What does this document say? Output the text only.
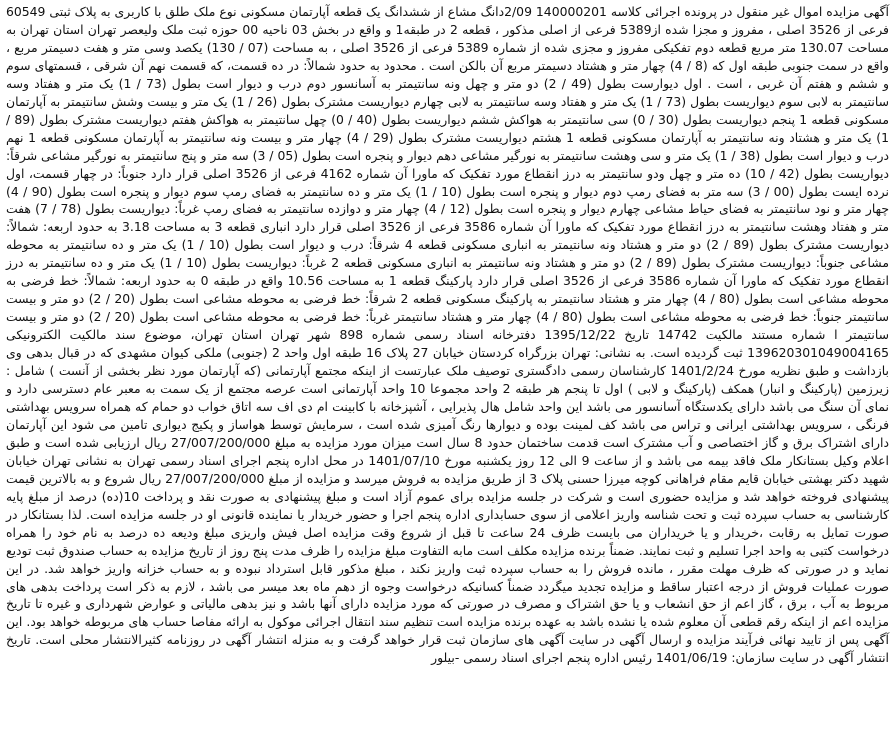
آگهی مزایده اموال غیر منقول در پرونده اجرائی کلاسه 140000201 2/09دانگ مشاع از ششدانگ یک قطعه آپارتمان مسکونی نوع ملک طلق با کاربری به پلاک ثبتی 60549 فرعی از 3526 اصلی ، مفروز و مجزا شده از5389 فرعی از اصلی مذکور ، قطعه 2 در طبقه1 و واقع در بخش 03 ناحیه 00 حوزه ثبت ملک ولیعصر تهران استان تهران به مساحت 130.07 متر مربع قطعه دوم تفکیکی مفروز و مجزی شده از شماره 5389 فرعی از 3526 اصلی ، به مساحت (07 / 130) یکصد وسی متر و هفت دسیمتر مربع ، واقع در سمت جنوبی طبقه اول که (8 / 4) چهار متر و هشتاد دسیمتر مربع آن بالکن است . محدود به حدود شمالاً: در ده قسمت، که قسمت نهم آن شرقی ، قسمتهای سوم و ششم و هفتم آن غربی ، است . اول دیوارست بطول (49 / 2) دو متر و چهل ونه سانتیمتر به آسانسور دوم درب و دیوار است بطول (73 / 1) یک متر و هفتاد وسه سانتیمتر به لابی سوم دیواریست بطول (73 / 1) یک متر و هفتاد وسه سانتیمتر به لابی چهارم دیواریست مشترک بطول (26 / 1) یک متر و بیست وشش سانتیمتر به آپارتمان مسکونی قطعه 1 پنجم دیواریست بطول (30 / 0) سی سانتیمتر به هواکش ششم دیواریست بطول (40 / 0) چهل سانتیمتر به هواکش هفتم دیواریست مشترک بطول (89 / 1) یک متر و هشتاد ونه سانتیمتر به آپارتمان مسکونی قطعه 1 هشتم دیواریست مشترک بطول (29 / 4) چهار متر و بیست ونه سانتیمتر به آپارتمان مسکونی قطعه 1 نهم درب و دیوار است بطول (38 / 1) یک متر و سی وهشت سانتیمتر به نورگیر مشاعی دهم دیوار و پنجره است بطول (05 / 3) سه متر و پنج سانتیمتر به نورگیر مشاعی شرقاً: دیواریست بطول (42 / 10) ده متر و چهل ودو سانتیمتر به درز انقطاع مورد تفکیک که ماورا آن شماره 4162 فرعی از 3526 اصلی قرار دارد جنوباً: در چهار قسمت، اول نرده ایست بطول (00 / 3) سه متر به فضای رمپ دوم دیوار و پنجره است بطول (10 / 1) یک متر و ده سانتیمتر به فضای رمپ سوم دیوار و پنجره است بطول (90 / 4) چهار متر و نود سانتیمتر به فضای حیاط مشاعی چهارم دیوار و پنجره است بطول (12 / 4) چهار متر و دوازده سانتیمتر به فضای رمپ غرباً: دیواریست بطول (78 / 7) هفت متر و هفتاد وهشت سانتیمتر به درز انقطاع مورد تفکیک که ماورا آن شماره 3586 فرعی از 3526 اصلی قرار دارد انباری قطعه 3 به مساحت 3.18 به حدود اربعه: شمالاً: دیواریست مشترک بطول (89 / 2) دو متر و هشتاد ونه سانتیمتر به انباری مسکونی قطعه 4 شرقاً: درب و دیوار است بطول (10 / 1) یک متر و ده سانتیمتر به محوطه مشاعی جنوباً: دیواریست مشترک بطول (89 / 2) دو متر و هشتاد ونه سانتیمتر به انباری مسکونی قطعه 2 غرباً: دیواریست بطول (10 / 1) یک متر و ده سانتیمتر به درز انقطاع مورد تفکیک که ماورا آن شماره 3586 فرعی از 3526 اصلی قرار دارد پارکینگ قطعه 1 به مساحت 10.56 واقع در طبقه 0 به حدود اربعه: شمالاً: خط فرضی به محوطه مشاعی است بطول (80 / 4) چهار متر و هشتاد سانتیمتر به پارکینگ مسکونی قطعه 2 شرقاً: خط فرضی به محوطه مشاعی است بطول (20 / 2) دو متر و بیست سانتیمتر جنوباً: خط فرضی به محوطه مشاعی است بطول (80 / 4) چهار متر و هشتاد سانتیمتر غرباً: خط فرضی به محوطه مشاعی است بطول (20 / 2) دو متر و بیست سانتیمتر ا شماره مستند مالکیت 14742 تاریخ 1395/12/22 دفترخانه اسناد رسمی شماره 898 شهر تهران استان تهران، موضوع سند مالکیت الکترونیکی 139620301049004165 ثبت گردیده است. به نشانی: تهران بزرگراه کردستان خیابان 27 پلاک 16 طبقه اول واحد 2 (جنوبی) ملکی کیوان مشهدی که در قبال بدهی وی بازداشت و طبق نظریه مورخ 1401/2/24 کارشناسان رسمی دادگستری توصیف ملک عبارتست از اینکه مجتمع آپارتمانی (که آپارتمان مورد نظر بخشی از آنست ) شامل : زیرزمین (پارکینگ و انبار) همکف (پارکینگ و لابی ) اول تا پنجم هر طبقه 2 واحد مجموعا 10 واحد آپارتمانی است عرصه مجتمع از یک سمت به معبر عام دسترسی دارد و نمای آن سنگ می باشد دارای یکدستگاه آسانسور می باشد این واحد شامل هال پذیرایی ، آشپزخانه با کابینت ام دی اف سه اتاق خواب دو حمام که همراه سرویس بهداشتی فرنگی ، سرویس بهداشتی ایرانی و تراس می باشد کف لمینت بوده و دیوارها رنگ آمیزی شده است ، سرمایش توسط هواساز و پکیج دیواری تامین می شود این آپارتمان دارای اشتراک برق و گاز اختصاصی و آب مشترک است قدمت ساختمان حدود 8 سال است میزان مورد مزایده به مبلغ 27/007/200/000 ریال ارزیابی شده است و طبق اعلام وکیل بستانکار ملک فاقد بیمه می باشد و از ساعت 9 الی 12 روز یکشنبه مورخ 1401/07/10 در محل اداره پنجم اجرای اسناد رسمی تهران به نشانی تهران خیابان شهید دکتر بهشتی خیابان قایم مقام فراهانی کوچه میرزا حسنی پلاک 3 از طریق مزایده به فروش میرسد و مزایده از مبلغ 27/007/200/000 ریال شروع و به بالاترین قیمت پیشنهادی فروخته خواهد شد و مزایده حضوری است و شرکت در جلسه مزایده برای عموم آزاد است و مبلغ پیشنهادی به صورت نقد و پرداخت 10(ده) درصد از مبلغ پایه کارشناسی به حساب سپرده ثبت و تحت شناسه واریز اعلامی از سوی حسابداری اداره پنجم اجرا و حضور خریدار یا نماینده قانونی او در جلسه مزایده است. لذا بستانکار در صورت تمایل به رقابت ،خریدار و یا خریداران می بایست ظرف 24 ساعت تا قبل از شروع وقت مزایده اصل فیش واریزی مبلغ ودیعه ده درصد به نام خود را همراه درخواست کتبی به واحد اجرا تسلیم و ثبت نمایند. ضمناً برنده مزایده مکلف است مابه التفاوت مبلغ مزایده را ظرف مدت پنج روز از تاریخ مزایده به حساب صندوق ثبت تودیع نماید و در صورتی که ظرف مهلت مقرر ، مانده فروش را به حساب سپرده ثبت واریز نکند ، مبلغ مذکور قابل استرداد نبوده و به حساب خزانه واریز خواهد شد. در این صورت عملیات فروش از درجه اعتبار ساقط و مزایده تجدید میگردد ضمناً کسانیکه درخواست وجوه از دهم ماه بعد میسر می باشد ، لازم به ذکر است پرداخت بدهی های مربوط به آب ، برق ، گاز اعم از حق انشعاب و یا حق اشتراک و مصرف در صورتی که مورد مزایده دارای آنها باشد و نیز بدهی مالیاتی و عوارض شهرداری و غیره تا تاریخ مزایده اعم از اینکه رقم قطعی آن معلوم شده یا نشده باشد به عهده برنده مزایده است تنظیم سند انتقال اجرائی موکول به ارائه مفاصا حساب های مربوطه خواهد بود. این آگهی پس از تایید نهائی فرآیند مزایده و ارسال آگهی در سایت آگهی های سازمان ثبت قرار خواهد گرفت و به منزله انتشار آگهی در روزنامه کثیرالانتشار محلی است. تاریخ انتشار آگهی در سایت سازمان: 1401/06/19 رئیس اداره پنجم اجرای اسناد رسمی -بیلور
